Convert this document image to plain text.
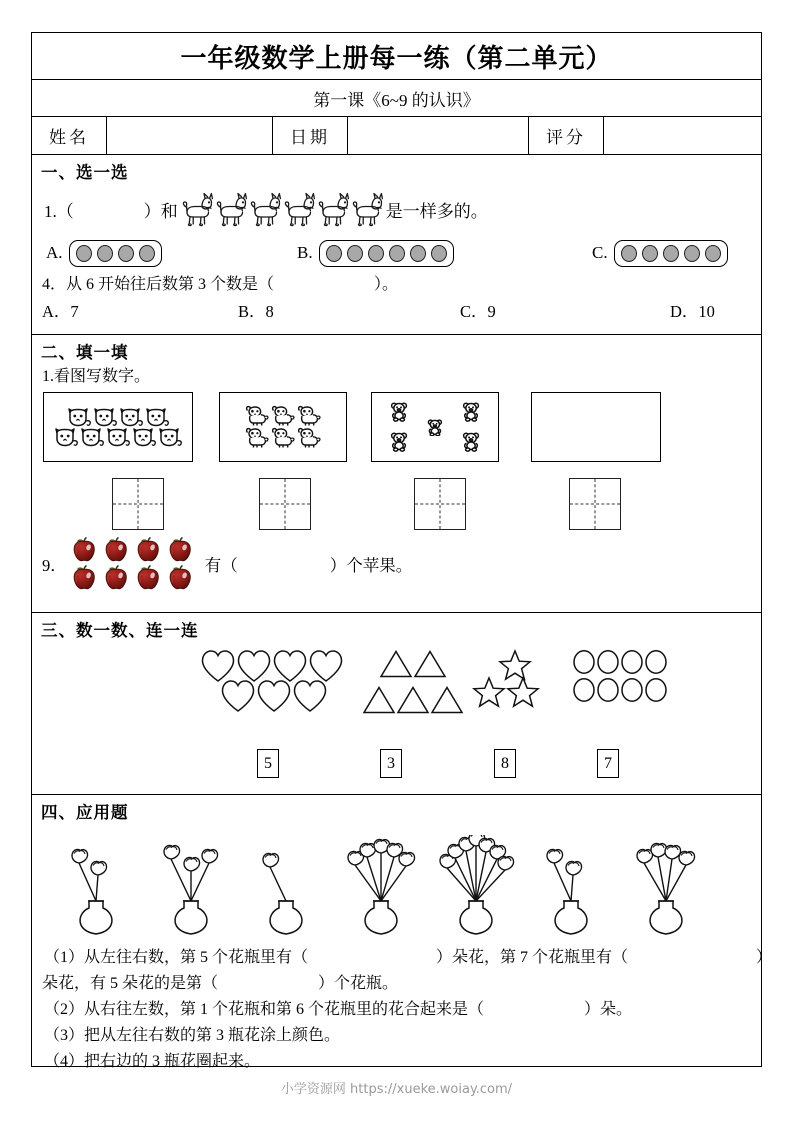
一年级数学上册每一练（第二单元）
第一课《6~9 的认识》
姓名	日期	评分
一、选一选
1.（	）和	是一样多的。
A.	B.	C.
4．从 6 开始往后数第 3 个数是（	）。
A．7	B．8	C．9	D．10
二、填一填
1.看图写数字。
9．	有（	）个苹果。
三、数一数、连一连
5	3	8	7
四、应用题
（1）从左往右数，第 5 个花瓶里有（	）朵花，第 7 个花瓶里有（	）
朵花，有 5 朵花的是第（	）个花瓶。
（2）从右往左数，第 1 个花瓶和第 6 个花瓶里的花合起来是（	）朵。
（3）把从左往右数的第 3 瓶花涂上颜色。
（4）把右边的 3 瓶花圈起来。
小学资源网 https://xueke.woiay.com/
